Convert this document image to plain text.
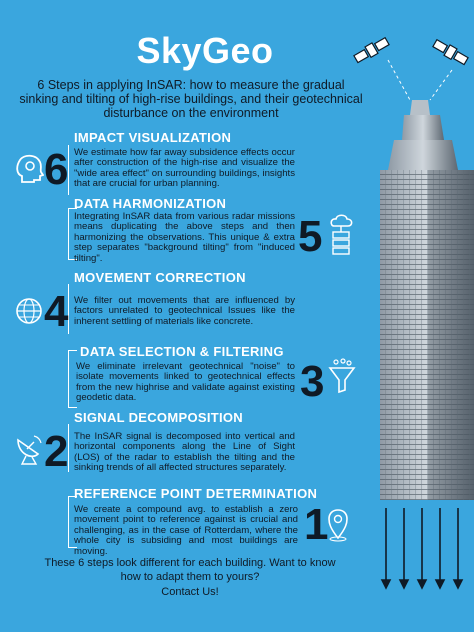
SkyGeo
6 Steps in applying InSAR: how to measure the gradual sinking and tilting of high-rise buildings, and their geotechnical disturbance on the environment
IMPACT VISUALIZATION
We estimate how far away subsidence effects occur after construction of the high-rise and visualize the "wide area effect" on surrounding buildings, insights that are crucial for urban planning.
6
DATA HARMONIZATION
Integrating InSAR data from various radar missions means duplicating the above steps and then harmonizing the observations. This unique & extra step separates "background tilting" from "induced tilting".	5
MOVEMENT CORRECTION
We filter out movements that are influenced by factors unrelated to geotechnical Issues like the inherent settling of materials like concrete.
4
DATA SELECTION & FILTERING
We eliminate irrelevant geotechnical "noise" to isolate movements linked to geotechnical effects from the new highrise and validate against existing geodetic data.	3
SIGNAL DECOMPOSITION
The InSAR signal is decomposed into vertical and horizontal components along the Line of Sight (LOS) of the radar to establish the tilting and the sinking trends of all affected structures separately.
2
REFERENCE POINT DETERMINATION
We create a compound avg. to establish a zero movement point to reference against is crucial and challenging, as in the case of Rotterdam, where the whole city is subsiding and most buildings are moving.
1
These 6 steps look different for each building. Want to know how to adapt them to yours?
Contact Us!
